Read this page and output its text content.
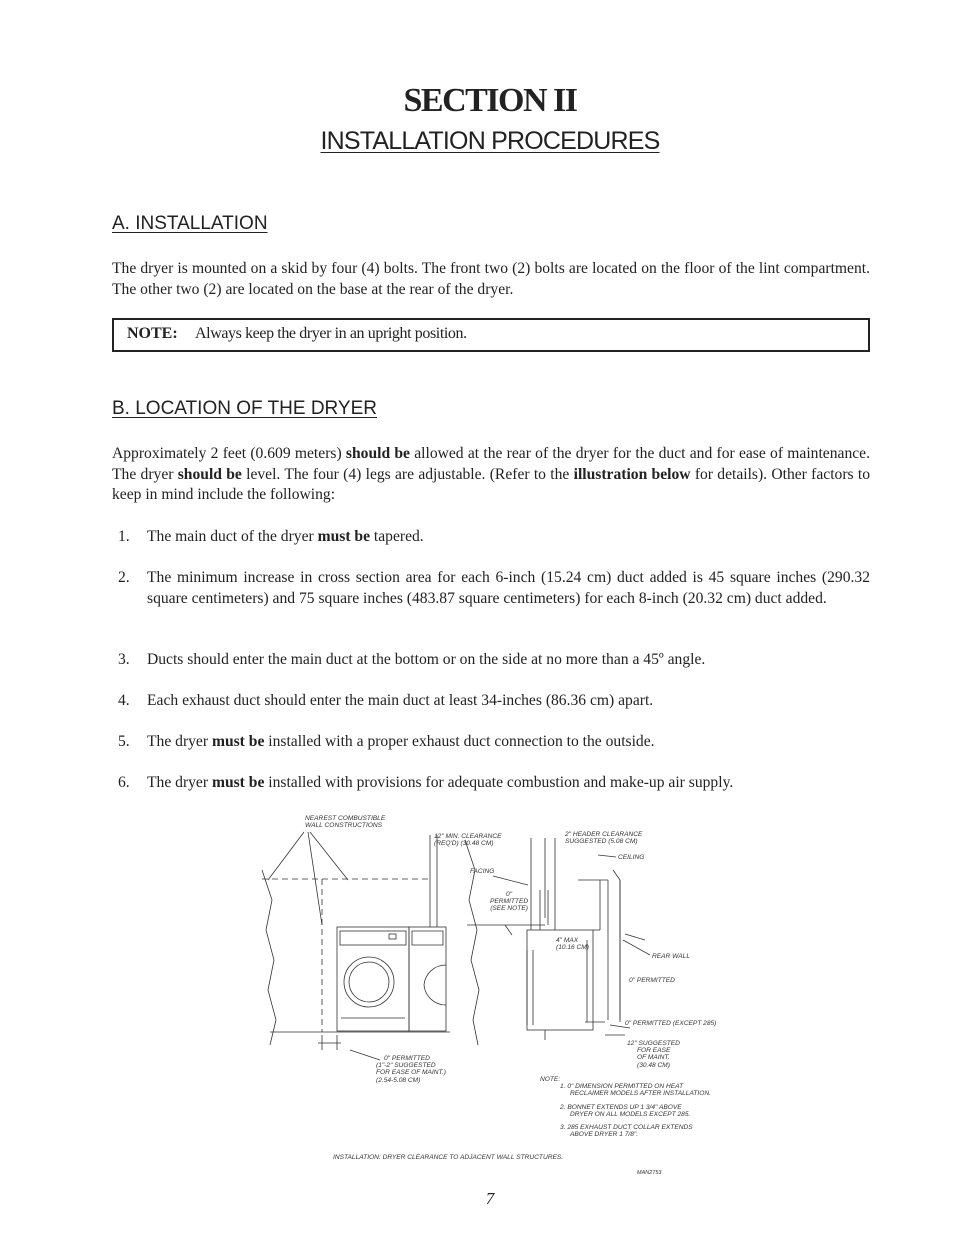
SECTION II
INSTALLATION PROCEDURES
A. INSTALLATION
The dryer is mounted on a skid by four (4) bolts. The front two (2) bolts are located on the floor of the lint compartment. The other two (2) are located on the base at the rear of the dryer.
NOTE: Always keep the dryer in an upright position.
B. LOCATION OF THE DRYER
Approximately 2 feet (0.609 meters) should be allowed at the rear of the dryer for the duct and for ease of maintenance. The dryer should be level. The four (4) legs are adjustable. (Refer to the illustration below for details). Other factors to keep in mind include the following:
1. The main duct of the dryer must be tapered.
2. The minimum increase in cross section area for each 6-inch (15.24 cm) duct added is 45 square inches (290.32 square centimeters) and 75 square inches (483.87 square centimeters) for each 8-inch (20.32 cm) duct added.
3. Ducts should enter the main duct at the bottom or on the side at no more than a 45º angle.
4. Each exhaust duct should enter the main duct at least 34-inches (86.36 cm) apart.
5. The dryer must be installed with a proper exhaust duct connection to the outside.
6. The dryer must be installed with provisions for adequate combustion and make-up air supply.
NEAREST COMBUSTIBLE
WALL CONSTRUCTIONS
12" MIN. CLEARANCE
(REQ'D) (30.48 CM)
2" HEADER CLEARANCE
SUGGESTED (5.08 CM)
CEILING
FACING
0"
PERMITTED
(SEE NOTE)
4" MAX
(10.16 CM)
REAR WALL
0" PERMITTED
0" PERMITTED (EXCEPT 285)
12" SUGGESTED
FOR EASE
OF MAINT.
(30.48 CM)
0" PERMITTED
(1"-2" SUGGESTED
FOR EASE OF MAINT.)
(2.54-5.08 CM)	NOTE:
1. 0" DIMENSION PERMITTED ON HEAT
RECLAIMER MODELS AFTER INSTALLATION.
2. BONNET EXTENDS UP 1 3/4" ABOVE
DRYER ON ALL MODELS EXCEPT 285.
3. 285 EXHAUST DUCT COLLAR EXTENDS
ABOVE DRYER 1 7/8".
INSTALLATION: DRYER CLEARANCE TO ADJACENT WALL STRUCTURES.
MAN2753
7
